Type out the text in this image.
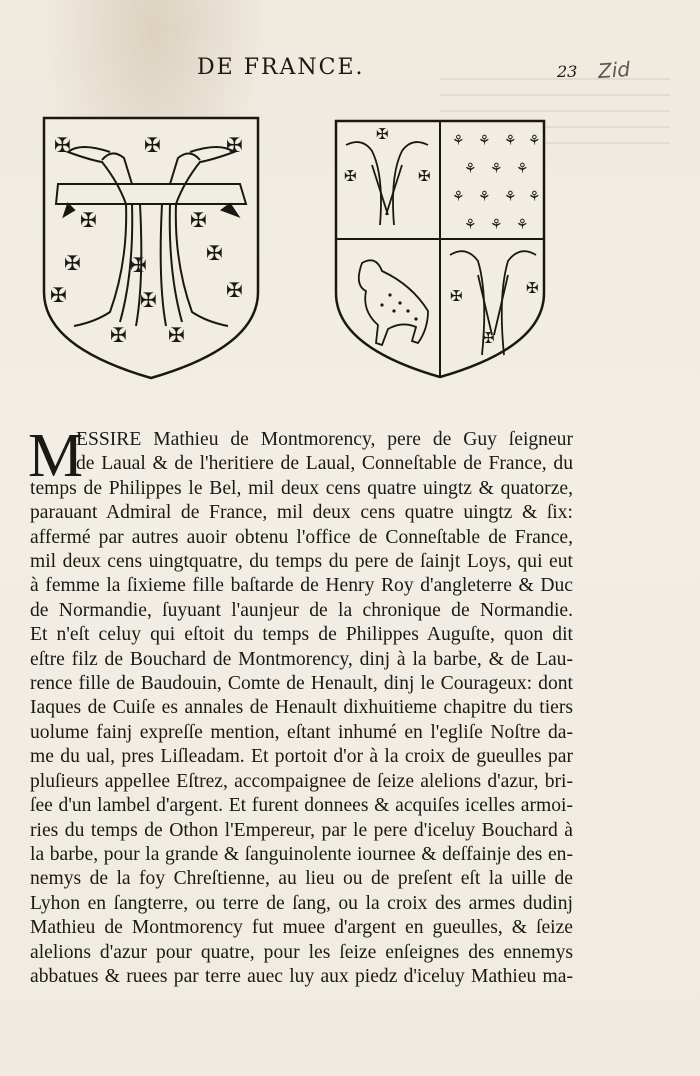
DE FRANCE.	23 Zid
✠	✠	✠
✠	✠
✠ ✠	✠
✠	✠	✠
✠ ✠
⚘ ⚘ ⚘ ⚘
⚘ ⚘ ⚘
⚘ ⚘ ⚘ ⚘
⚘ ⚘ ⚘
✠	✠
✠
✠	✠
✠
M
ESSIRE Mathieu de Montmorency, pere de Guy ſeigneur
de Laual & de l'heritiere de Laual, Conneſtable de France, du
temps de Philippes le Bel, mil deux cens quatre uingtz & quatorze,
parauant Admiral de France, mil deux cens quatre uingtz & ſix:
affermé par autres auoir obtenu l'office de Conneſtable de France,
mil deux cens uingtquatre, du temps du pere de ſaiǌt Loys, qui eut
à femme la ſixieme fille baſtarde de Henry Roy d'angleterre & Duc
de Normandie, ſuyuant l'auǌeur de la chronique de Normandie.
Et n'eſt celuy qui eſtoit du temps de Philippes Auguſte, quon dit
eſtre filz de Bouchard de Montmorency, diǌ à la barbe, & de Lau-
rence fille de Baudouin, Comte de Henault, diǌ le Courageux: dont
Iaques de Cuiſe es annales de Henault dixhuitieme chapitre du tiers
uolume faiǌ expreſſe mention, eſtant inhumé en l'egliſe Noſtre da-
me du ual, pres Liſleadam. Et portoit d'or à la croix de gueulles par
pluſieurs appellee Eſtrez, accompaignee de ſeize alelions d'azur, bri-
ſee d'un lambel d'argent. Et furent donnees & acquiſes icelles armoi-
ries du temps de Othon l'Empereur, par le pere d'iceluy Bouchard à
la barbe, pour la grande & ſanguinolente iournee & deſfaiǌe des en-
nemys de la foy Chreſtienne, au lieu ou de preſent eſt la uille de
Lyhon en ſangterre, ou terre de ſang, ou la croix des armes dudiǌ
Mathieu de Montmorency fut muee d'argent en gueulles, & ſeize
alelions d'azur pour quatre, pour les ſeize enſeignes des ennemys
abbatues & ruees par terre auec luy aux piedz d'iceluy Mathieu ma-
